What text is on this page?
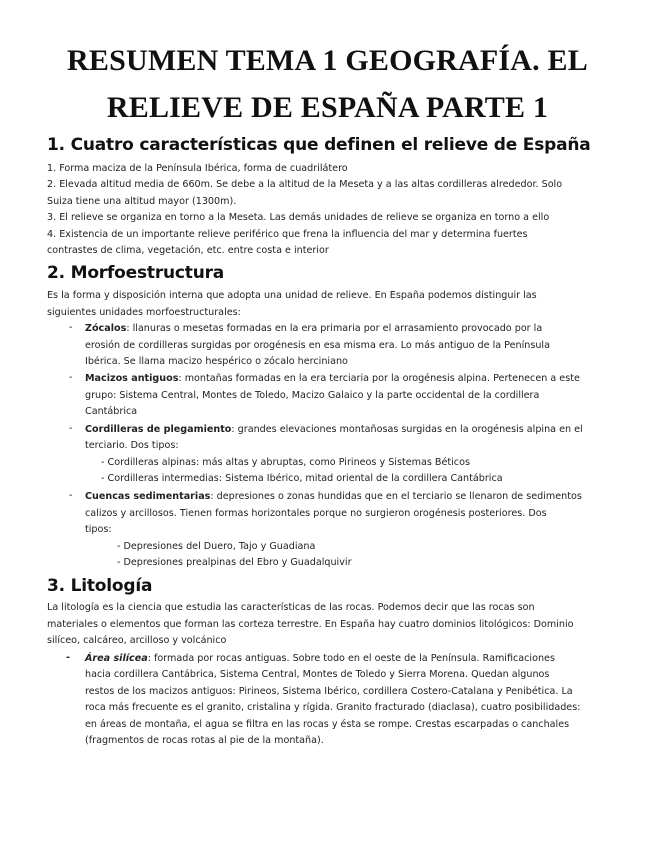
RESUMEN TEMA 1 GEOGRAFÍA. EL
RELIEVE DE ESPAÑA PARTE 1
1. Cuatro características que definen el relieve de España
1. Forma maciza de la Península Ibérica, forma de cuadrilátero
2. Elevada altitud media de 660m. Se debe a la altitud de la Meseta y a las altas cordilleras alrededor. Solo
Suiza tiene una altitud mayor (1300m).
3. El relieve se organiza en torno a la Meseta. Las demás unidades de relieve se organiza en torno a ello
4. Existencia de un importante relieve periférico que frena la influencia del mar y determina fuertes
contrastes de clima, vegetación, etc. entre costa e interior
2. Morfoestructura
Es la forma y disposición interna que adopta una unidad de relieve. En España podemos distinguir las
siguientes unidades morfoestructurales:
- Zócalos: llanuras o mesetas formadas en la era primaria por el arrasamiento provocado por la
erosión de cordilleras surgidas por orogénesis en esa misma era. Lo más antiguo de la Península
Ibérica. Se llama macizo hespérico o zócalo herciniano
- Macizos antiguos: montañas formadas en la era terciaria por la orogénesis alpina. Pertenecen a este
grupo: Sistema Central, Montes de Toledo, Macizo Galaico y la parte occidental de la cordillera
Cantábrica
- Cordilleras de plegamiento: grandes elevaciones montañosas surgidas en la orogénesis alpina en el
terciario. Dos tipos:
- Cordilleras alpinas: más altas y abruptas, como Pirineos y Sistemas Béticos
- Cordilleras intermedias: Sistema Ibérico, mitad oriental de la cordillera Cantábrica
- Cuencas sedimentarias: depresiones o zonas hundidas que en el terciario se llenaron de sedimentos
calizos y arcillosos. Tienen formas horizontales porque no surgieron orogénesis posteriores. Dos
tipos:
- Depresiones del Duero, Tajo y Guadiana
- Depresiones prealpinas del Ebro y Guadalquivir
3. Litología
La litología es la ciencia que estudia las características de las rocas. Podemos decir que las rocas son
materiales o elementos que forman las corteza terrestre. En España hay cuatro dominios litológicos: Dominio
silíceo, calcáreo, arcilloso y volcánico
- Área silícea: formada por rocas antiguas. Sobre todo en el oeste de la Península. Ramificaciones
hacia cordillera Cantábrica, Sistema Central, Montes de Toledo y Sierra Morena. Quedan algunos
restos de los macizos antiguos: Pirineos, Sistema Ibérico, cordillera Costero-Catalana y Penibética. La
roca más frecuente es el granito, cristalina y rígida. Granito fracturado (diaclasa), cuatro posibilidades:
en áreas de montaña, el agua se filtra en las rocas y ésta se rompe. Crestas escarpadas o canchales
(fragmentos de rocas rotas al pie de la montaña).
